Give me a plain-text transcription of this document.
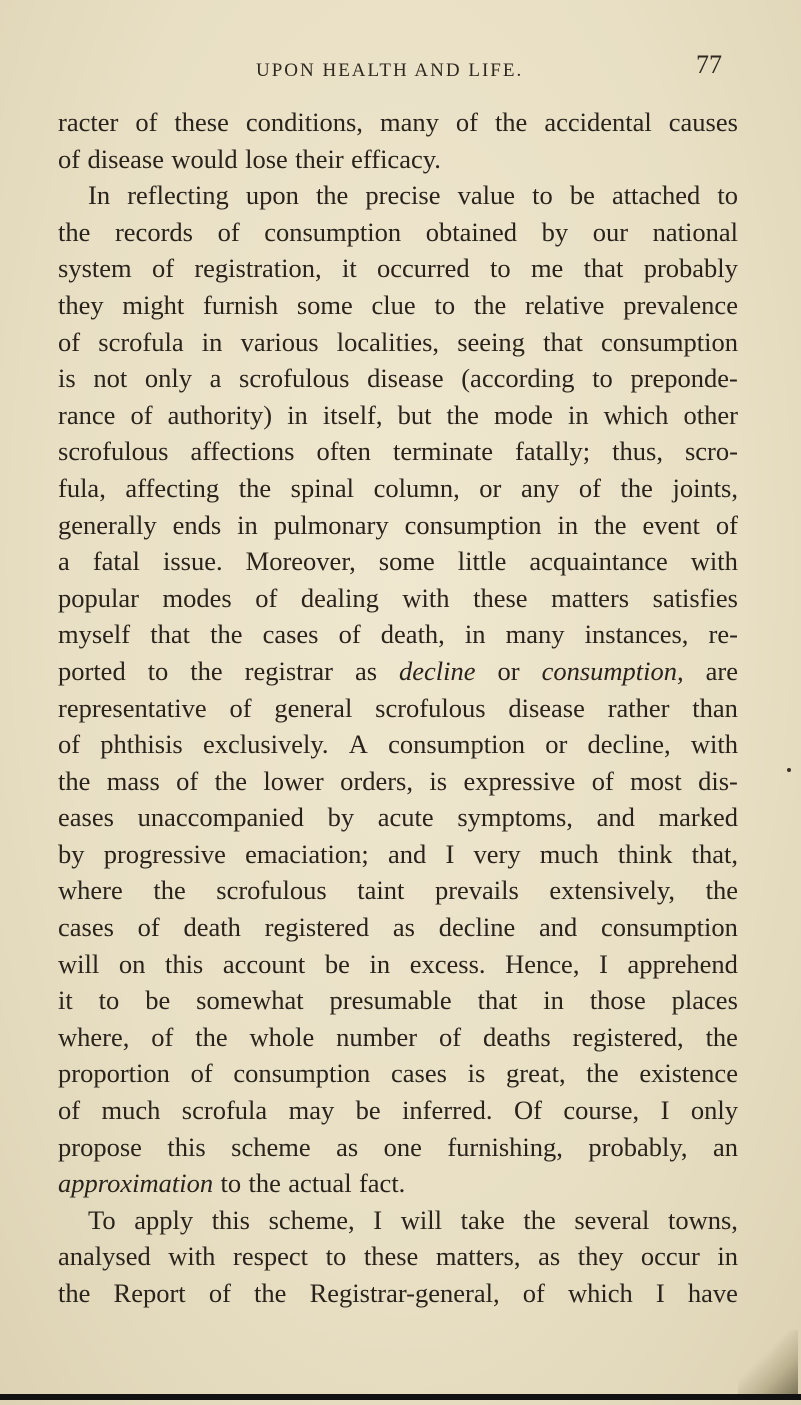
UPON HEALTH AND LIFE.	77
racter of these conditions, many of the accidental causes
of disease would lose their efficacy.
In reflecting upon the precise value to be attached to
the records of consumption obtained by our national
system of registration, it occurred to me that probably
they might furnish some clue to the relative prevalence
of scrofula in various localities, seeing that consumption
is not only a scrofulous disease (according to preponde-
rance of authority) in itself, but the mode in which other
scrofulous affections often terminate fatally; thus, scro-
fula, affecting the spinal column, or any of the joints,
generally ends in pulmonary consumption in the event of
a fatal issue. Moreover, some little acquaintance with
popular modes of dealing with these matters satisfies
myself that the cases of death, in many instances, re-
ported to the registrar as decline or consumption, are
representative of general scrofulous disease rather than
of phthisis exclusively. A consumption or decline, with
the mass of the lower orders, is expressive of most dis-
eases unaccompanied by acute symptoms, and marked
by progressive emaciation; and I very much think that,
where the scrofulous taint prevails extensively, the
cases of death registered as decline and consumption
will on this account be in excess. Hence, I apprehend
it to be somewhat presumable that in those places
where, of the whole number of deaths registered, the
proportion of consumption cases is great, the existence
of much scrofula may be inferred. Of course, I only
propose this scheme as one furnishing, probably, an
approximation to the actual fact.
To apply this scheme, I will take the several towns,
analysed with respect to these matters, as they occur in
the Report of the Registrar-general, of which I have
